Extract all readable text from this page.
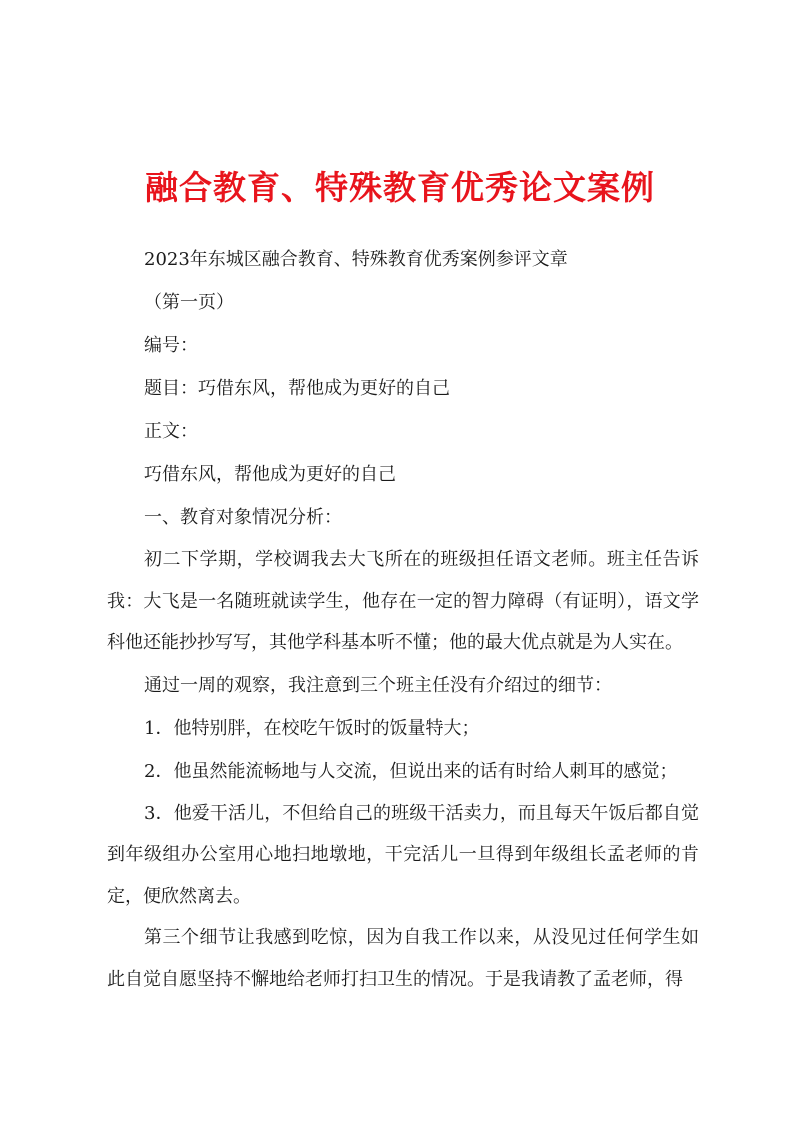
融合教育、特殊教育优秀论文案例

2023年东城区融合教育、特殊教育优秀案例参评文章

（第一页）

编号：

题目：巧借东风，帮他成为更好的自己

正文：

巧借东风，帮他成为更好的自己

一、教育对象情况分析：

初二下学期，学校调我去大飞所在的班级担任语文老师。班主任告诉我：大飞是一名随班就读学生，他存在一定的智力障碍（有证明），语文学科他还能抄抄写写，其他学科基本听不懂；他的最大优点就是为人实在。

通过一周的观察，我注意到三个班主任没有介绍过的细节：

1．他特别胖，在校吃午饭时的饭量特大；

2．他虽然能流畅地与人交流，但说出来的话有时给人刺耳的感觉；

3．他爱干活儿，不但给自己的班级干活卖力，而且每天午饭后都自觉到年级组办公室用心地扫地墩地，干完活儿一旦得到年级组长孟老师的肯定，便欣然离去。

第三个细节让我感到吃惊，因为自我工作以来，从没见过任何学生如此自觉自愿坚持不懈地给老师打扫卫生的情况。于是我请教了孟老师，得
